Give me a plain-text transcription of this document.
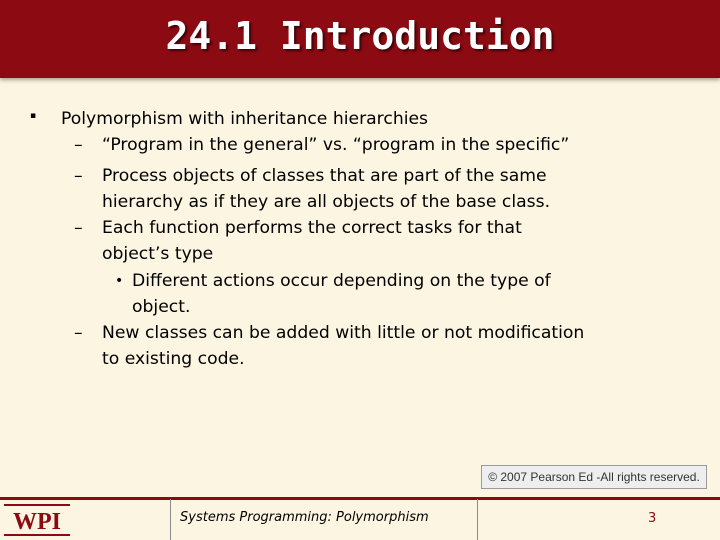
24.1 Introduction
▪ Polymorphism with inheritance hierarchies
– “Program in the general” vs. “program in the specific”
– Process objects of classes that are part of the same
hierarchy as if they are all objects of the base class.
– Each function performs the correct tasks for that
object’s type
• Different actions occur depending on the type of
object.
– New classes can be added with little or not modification
to existing code.
© 2007 Pearson Ed -All rights reserved.
WPI	Systems Programming: Polymorphism	3
